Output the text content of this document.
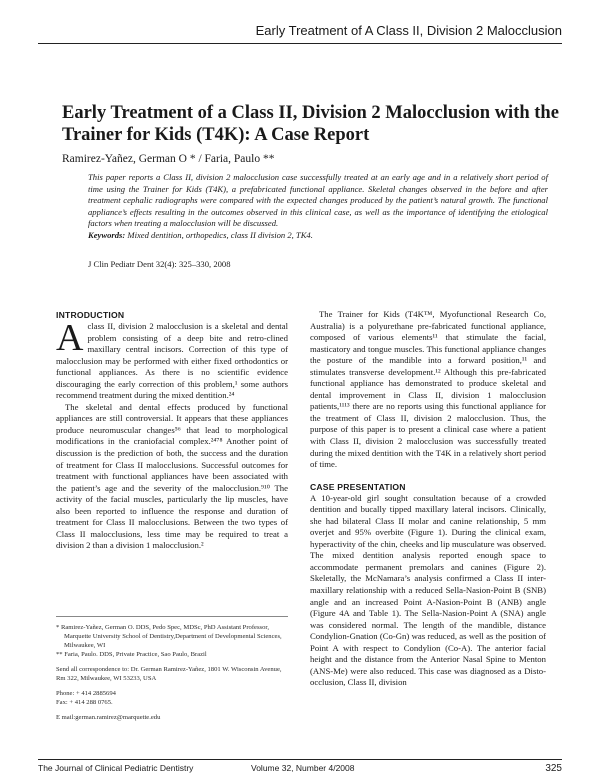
Early Treatment of A Class II, Division 2 Malocclusion
Early Treatment of a Class II, Division 2 Malocclusion with the Trainer for Kids (T4K): A Case Report
Ramirez-Yañez, German O * / Faria, Paulo **
This paper reports a Class II, division 2 malocclusion case successfully treated at an early age and in a relatively short period of time using the Trainer for Kids (T4K), a prefabricated functional appliance. Skeletal changes observed in the before and after treatment cephalic radiographs were compared with the expected changes produced by the patient’s natural growth. The functional appliance’s effects resulting in the outcomes observed in this clinical case, as well as the importance of identifying the etiological factors when treating a malocclusion will be discussed.
Keywords: Mixed dentition, orthopedics, class II division 2, TK4.
J Clin Pediatr Dent 32(4): 325–330, 2008
INTRODUCTION

Aclass II, division 2 malocclusion is a skeletal and dental problem consisting of a deep bite and retro-clined maxillary central incisors. Correction of this type of malocclusion may be performed with either fixed orthodontics or functional appliances. As there is no scientific evidence discouraging the early correction of this problem,¹ some authors recommend treatment during the mixed dentition.²⁴

The skeletal and dental effects produced by functional appliances are still controversial. It appears that these appliances produce neuromuscular changes⁵⁶ that lead to morphological modifications in the craniofacial complex.²⁴⁷⁸ Another point of discussion is the prediction of both, the success and the duration of treatment for Class II malocclusions. Successful outcomes for treatment with functional appliances have been associated with the patient’s age and the severity of the malocclusion.⁹¹⁰ The activity of the facial muscles, particularly the lip muscles, have also been reported to influence the response and duration of treatment for Class II malocclusions. Between the two types of Class II malocclusions, less time may be required to treat a division 2 than a division 1 malocclusion.²

The Trainer for Kids (T4K™, Myofunctional Research Co, Australia) is a polyurethane pre-fabricated functional appliance, composed of various elements¹¹ that stimulate the facial, masticatory and tongue muscles. This functional appliance changes the posture of the mandible into a forward position,¹¹ and stimulates transverse development.¹² Although this pre-fabricated functional appliance has demonstrated to produce skeletal and dental improvement in Class II, division 1 malocclusion patients,¹¹¹³ there are no reports using this functional appliance for the treatment of Class II, division 2 malocclusion. Thus, the purpose of this paper is to present a clinical case where a patient with Class II, division 2 malocclusion was successfully treated during the mixed dentition with the T4K in a relatively short period of time.

CASE PRESENTATION

A 10-year-old girl sought consultation because of a crowded dentition and bucally tipped maxillary lateral incisors. Clinically, she had bilateral Class II molar and canine relationship, 5 mm overjet and 95% overbite (Figure 1). During the clinical exam, hyperactivity of the chin, cheeks and lip musculature was observed. The mixed dentition analysis reported enough space to accommodate permanent premolars and canines (Figure 2). Skeletally, the McNamara’s analysis confirmed a Class II inter-maxillary relationship with a reduced Sella-Nasion-Point B (SNB) angle and an increased Point A-Nasion-Point B (ANB) angle (Figure 4A and Table 1). The Sella-Nasion-Point A (SNA) angle was considered normal. The length of the mandible, distance Condylion-Gnation (Co-Gn) was reduced, as well as the position of Point A with respect to Condylion (Co-A). The anterior facial height and the distance from the Anterior Nasal Spine to Menton (ANS-Me) were also reduced. This case was diagnosed as a Disto-occlusion, Class II, division

* Ramirez-Yañez, German O. DDS, Pedo Spec, MDSc, PhD Assistant Professor, Marquette University School of Dentistry,Department of Developmental Sciences, Milwaukee, WI
** Faria, Paulo. DDS, Private Practice, Sao Paulo, Brazil
Send all correspondence to: Dr. German Ramirez-Yañez, 1801 W. Wisconsin Avenue, Rm 322, Milwaukee, WI 53233, USA
Phone: + 414 2885694
Fax: + 414 288 0765.
E mail:german.ramirez@marquette.edu
The Journal of Clinical Pediatric Dentistry	Volume 32, Number 4/2008	325
